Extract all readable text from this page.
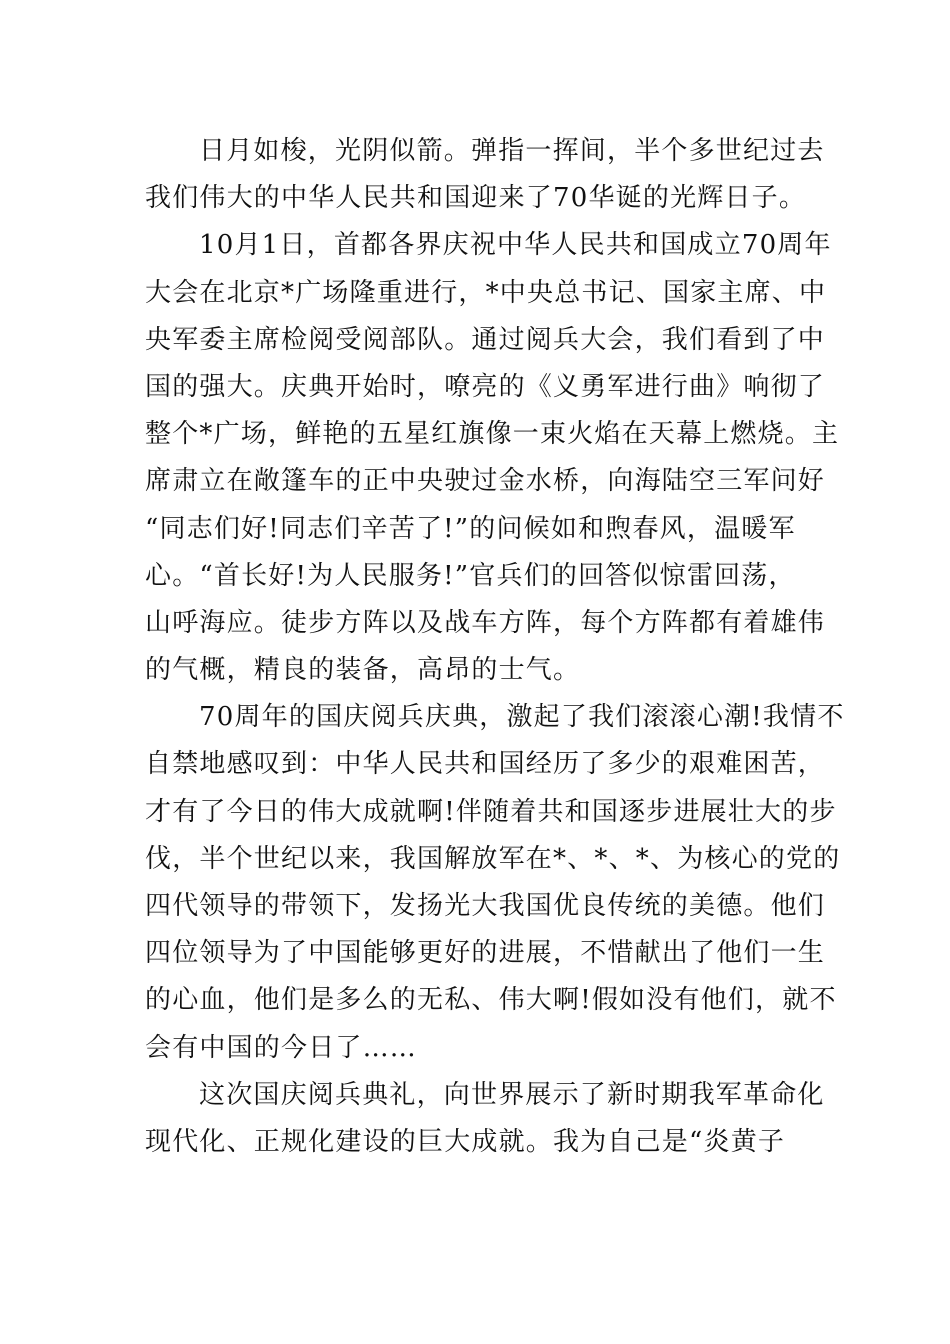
日月如梭，光阴似箭。弹指一挥间，半个多世纪过去
我们伟大的中华人民共和国迎来了70华诞的光辉日子。
10月1日，首都各界庆祝中华人民共和国成立70周年
大会在北京*广场隆重进行，*中央总书记、国家主席、中
央军委主席检阅受阅部队。通过阅兵大会，我们看到了中
国的强大。庆典开始时，嘹亮的《义勇军进行曲》响彻了
整个*广场，鲜艳的五星红旗像一束火焰在天幕上燃烧。主
席肃立在敞篷车的正中央驶过金水桥，向海陆空三军问好
“同志们好!同志们辛苦了!”的问候如和煦春风，温暖军
心。“首长好!为人民服务!”官兵们的回答似惊雷回荡，
山呼海应。徒步方阵以及战车方阵，每个方阵都有着雄伟
的气概，精良的装备，高昂的士气。
70周年的国庆阅兵庆典，激起了我们滚滚心潮!我情不
自禁地感叹到：中华人民共和国经历了多少的艰难困苦，
才有了今日的伟大成就啊!伴随着共和国逐步进展壮大的步
伐，半个世纪以来，我国解放军在*、*、*、为核心的党的
四代领导的带领下，发扬光大我国优良传统的美德。他们
四位领导为了中国能够更好的进展，不惜献出了他们一生
的心血，他们是多么的无私、伟大啊!假如没有他们，就不
会有中国的今日了……
这次国庆阅兵典礼，向世界展示了新时期我军革命化
现代化、正规化建设的巨大成就。我为自己是“炎黄子
